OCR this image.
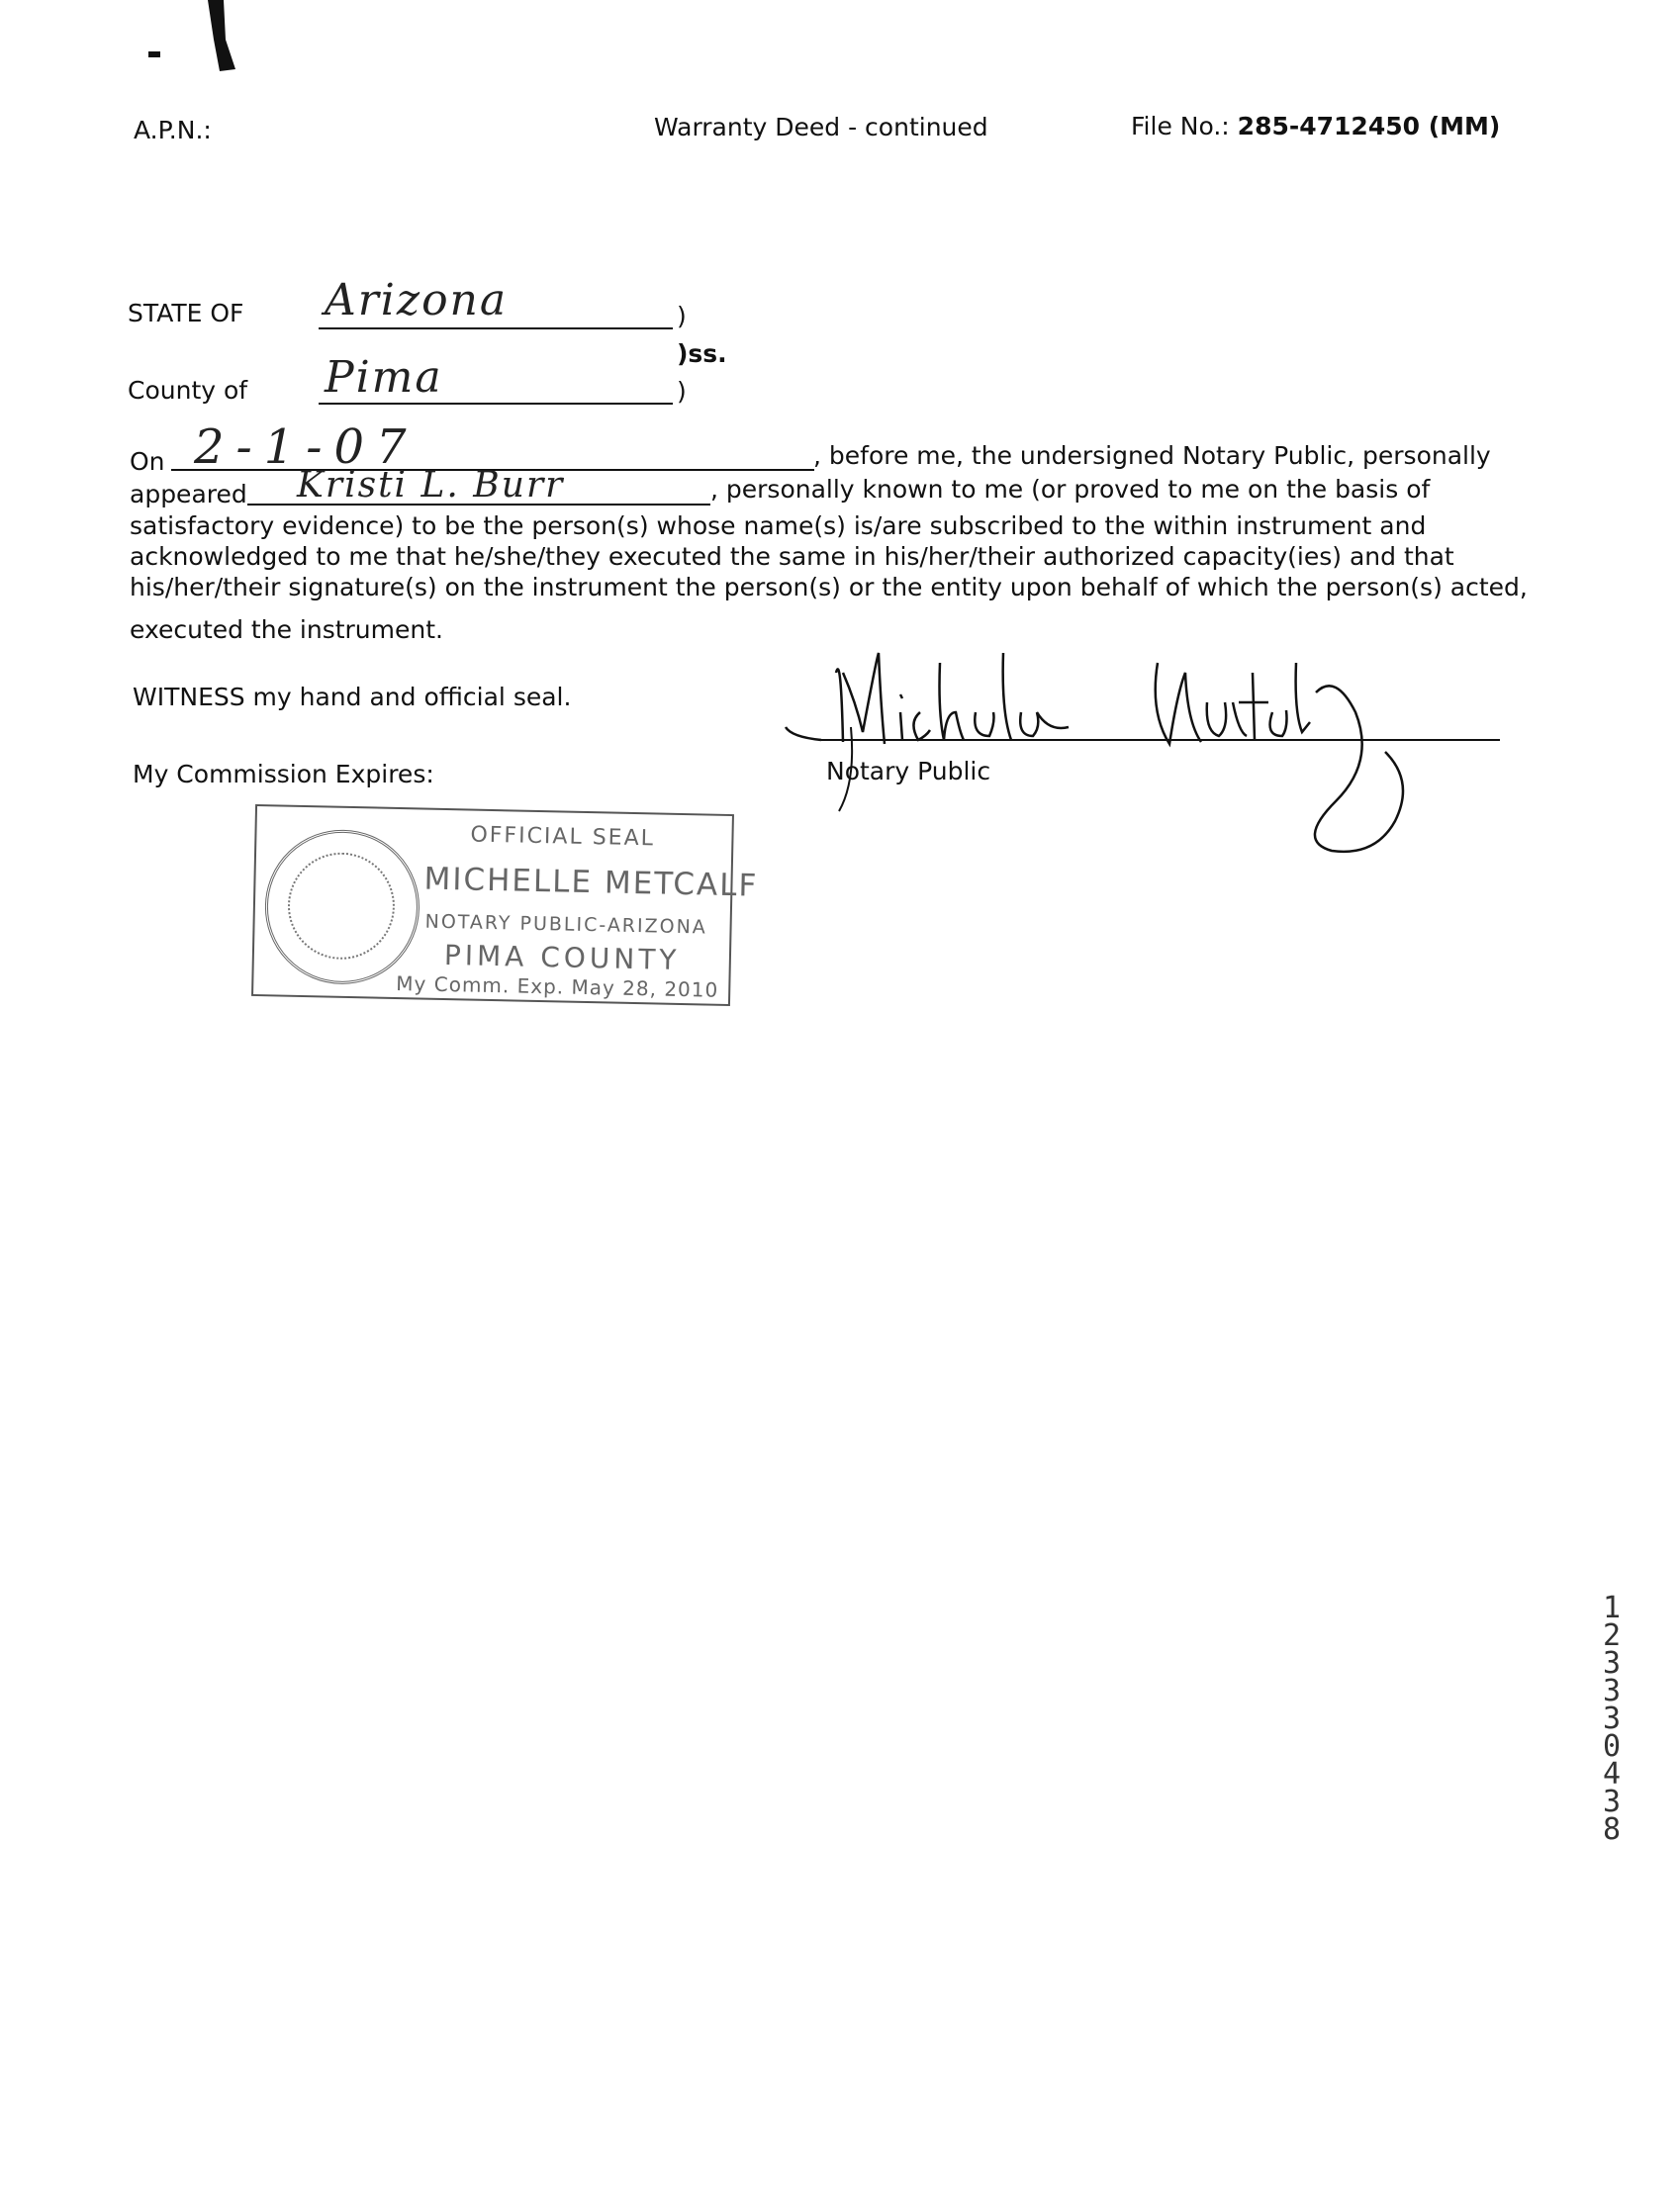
A.P.N.:	Warranty Deed - continued	File No.: 285-4712450 (MM)
STATE OF Arizona	)
)ss.
County of Pima	)
On 2-1-07	, before me, the undersigned Notary Public, personally
appeared Kristi L. Burr	, personally known to me (or proved to me on the basis of
satisfactory evidence) to be the person(s) whose name(s) is/are subscribed to the within instrument and
acknowledged to me that he/she/they executed the same in his/her/their authorized capacity(ies) and that
his/her/their signature(s) on the instrument the person(s) or the entity upon behalf of which the person(s) acted,
executed the instrument.
WITNESS my hand and official seal.
My Commission Expires:	Notary Public
OFFICIAL SEAL
MICHELLE METCALF
NOTARY PUBLIC-ARIZONA
PIMA COUNTY
My Comm. Exp. May 28, 2010
12333 0438
